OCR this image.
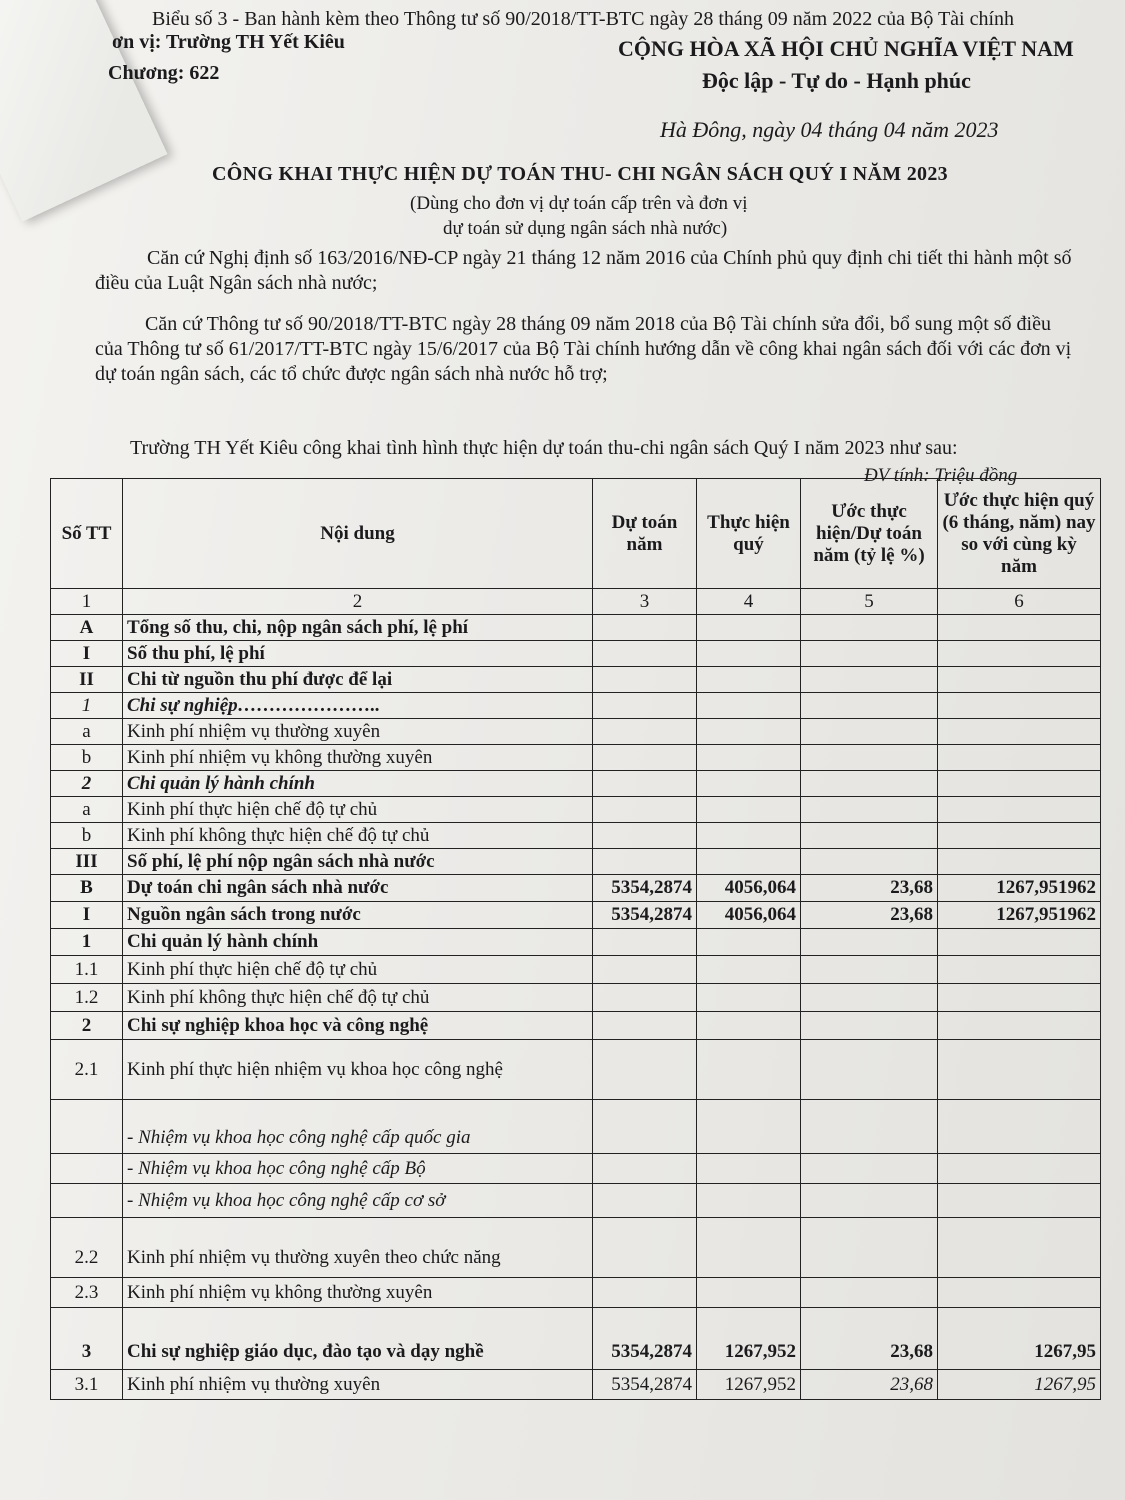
Biểu số 3 - Ban hành kèm theo Thông tư số 90/2018/TT-BTC ngày 28 tháng 09 năm 2022 của Bộ Tài chính
ơn vị: Trường TH Yết Kiêu
Chương: 622
CỘNG HÒA XÃ HỘI CHỦ NGHĨA VIỆT NAM
Độc lập - Tự do - Hạnh phúc
Hà Đông, ngày 04 tháng 04 năm 2023
CÔNG KHAI THỰC HIỆN DỰ TOÁN THU- CHI NGÂN SÁCH QUÝ I NĂM 2023
(Dùng cho đơn vị dự toán cấp trên và đơn vị
dự toán sử dụng ngân sách nhà nước)
Căn cứ Nghị định số 163/2016/NĐ-CP ngày 21 tháng 12 năm 2016 của Chính phủ quy định chi tiết thi hành một số điều của Luật Ngân sách nhà nước;
Căn cứ Thông tư số 90/2018/TT-BTC ngày 28 tháng 09 năm 2018 của Bộ Tài chính sửa đổi, bổ sung một số điều của Thông tư số 61/2017/TT-BTC ngày 15/6/2017 của Bộ Tài chính hướng dẫn về công khai ngân sách đối với các đơn vị dự toán ngân sách, các tổ chức được ngân sách nhà nước hỗ trợ;
Trường TH Yết Kiêu công khai tình hình thực hiện dự toán thu-chi ngân sách Quý I năm 2023 như sau:
ĐV tính: Triệu đồng
Số TT	Nội dung	Dự toán năm	Thực hiện quý	Ước thực hiện/Dự toán năm (tỷ lệ %)	Ước thực hiện quý (6 tháng, năm) nay so với cùng kỳ năm
1	2	3	4	5	6
A	Tổng số thu, chi, nộp ngân sách phí, lệ phí				
I	Số thu phí, lệ phí				
II	Chi từ nguồn thu phí được để lại				
1	Chi sự nghiệp…………………..				
a	Kinh phí nhiệm vụ thường xuyên				
b	Kinh phí nhiệm vụ không thường xuyên				
2	Chi quản lý hành chính				
a	Kinh phí thực hiện chế độ tự chủ				
b	Kinh phí không thực hiện chế độ tự chủ				
III	Số phí, lệ phí nộp ngân sách nhà nước				
B	Dự toán chi ngân sách nhà nước	5354,2874	4056,064	23,68	1267,951962
I	Nguồn ngân sách trong nước	5354,2874	4056,064	23,68	1267,951962
1	Chi quản lý hành chính				
1.1	Kinh phí thực hiện chế độ tự chủ				
1.2	Kinh phí không thực hiện chế độ tự chủ				
2	Chi sự nghiệp khoa học và công nghệ				
2.1	Kinh phí thực hiện nhiệm vụ khoa học công nghệ				
	- Nhiệm vụ khoa học công nghệ cấp quốc gia				
	- Nhiệm vụ khoa học công nghệ cấp Bộ				
	- Nhiệm vụ khoa học công nghệ cấp cơ sở				
2.2	Kinh phí nhiệm vụ thường xuyên theo chức năng				
2.3	Kinh phí nhiệm vụ không thường xuyên				
3	Chi sự nghiệp giáo dục, đào tạo và dạy nghề	5354,2874	1267,952	23,68	1267,95
3.1	Kinh phí nhiệm vụ thường xuyên	5354,2874	1267,952	23,68	1267,95
